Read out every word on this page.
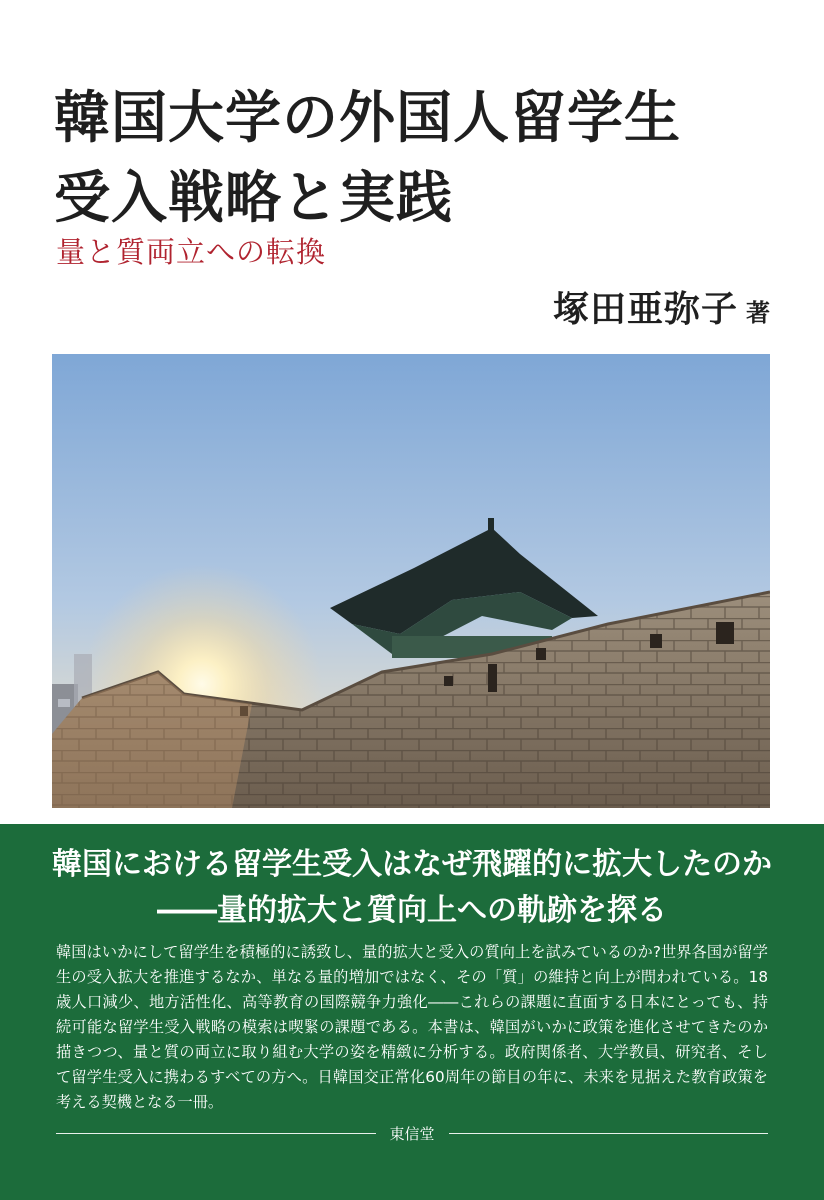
韓国大学の外国人留学生
受入戦略と実践
量と質両立への転換
塚田亜弥子 著
韓国における留学生受入はなぜ飛躍的に拡大したのか
――量的拡大と質向上への軌跡を探る

韓国はいかにして留学生を積極的に誘致し、量的拡大と受入の質向上を試みているのか?世界各国が留学生の受入拡大を推進するなか、単なる量的増加ではなく、その「質」の維持と向上が問われている。18歳人口減少、地方活性化、高等教育の国際競争力強化――これらの課題に直面する日本にとっても、持続可能な留学生受入戦略の模索は喫緊の課題である。本書は、韓国がいかに政策を進化させてきたのか描きつつ、量と質の両立に取り組む大学の姿を精緻に分析する。政府関係者、大学教員、研究者、そして留学生受入に携わるすべての方へ。日韓国交正常化60周年の節目の年に、未来を見据えた教育政策を考える契機となる一冊。

東信堂
